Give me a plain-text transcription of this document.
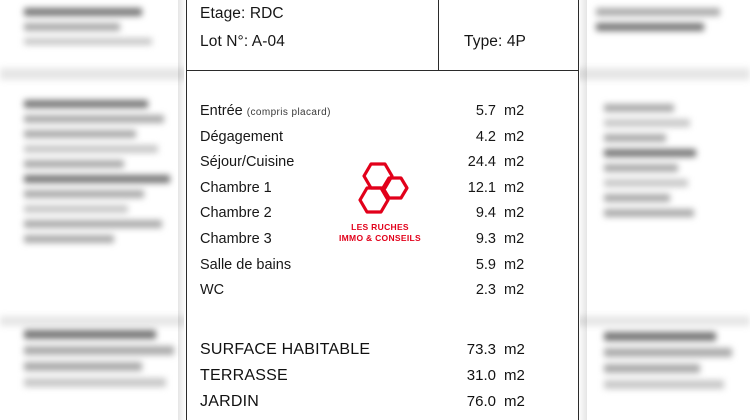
Etage: RDC
Lot N°: A-04	Type: 4P
Entrée (compris placard)	5.7 m2
Dégagement	4.2 m2
Séjour/Cuisine	24.4 m2
Chambre 1	12.1 m2
Chambre 2	9.4 m2
Chambre 3	9.3 m2
Salle de bains	5.9 m2
WC	2.3 m2
SURFACE HABITABLE	73.3 m2
TERRASSE	31.0 m2
JARDIN	76.0 m2
LES RUCHES
IMMO & CONSEILS
